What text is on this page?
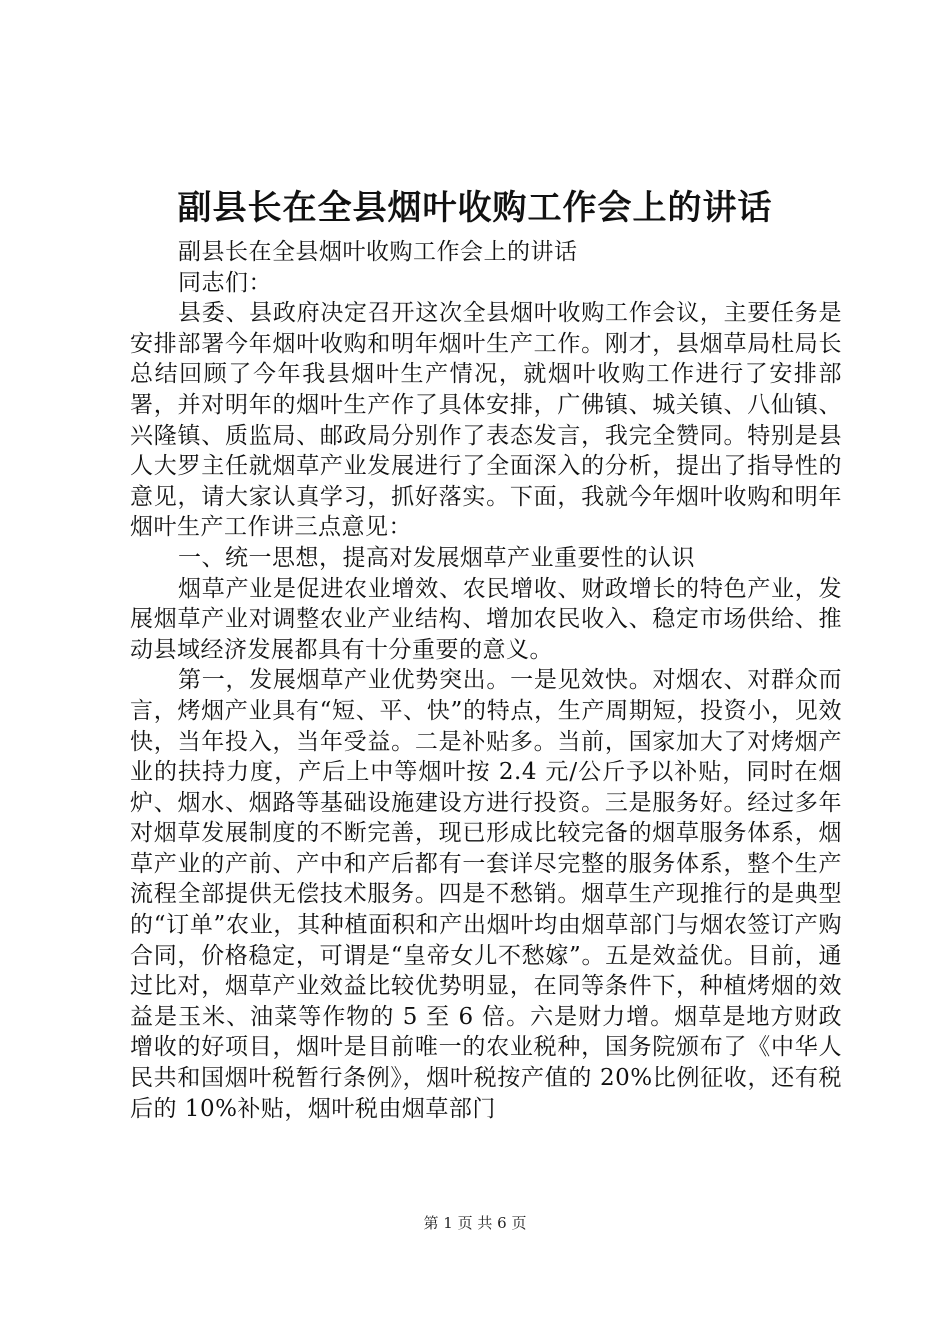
副县长在全县烟叶收购工作会上的讲话

副县长在全县烟叶收购工作会上的讲话

同志们：

县委、县政府决定召开这次全县烟叶收购工作会议，主要任务是安排部署今年烟叶收购和明年烟叶生产工作。刚才，县烟草局杜局长总结回顾了今年我县烟叶生产情况，就烟叶收购工作进行了安排部署，并对明年的烟叶生产作了具体安排，广佛镇、城关镇、八仙镇、兴隆镇、质监局、邮政局分别作了表态发言，我完全赞同。特别是县人大罗主任就烟草产业发展进行了全面深入的分析，提出了指导性的意见，请大家认真学习，抓好落实。下面，我就今年烟叶收购和明年烟叶生产工作讲三点意见：

一、统一思想，提高对发展烟草产业重要性的认识

烟草产业是促进农业增效、农民增收、财政增长的特色产业，发展烟草产业对调整农业产业结构、增加农民收入、稳定市场供给、推动县域经济发展都具有十分重要的意义。

第一，发展烟草产业优势突出。一是见效快。对烟农、对群众而言，烤烟产业具有“短、平、快”的特点，生产周期短，投资小，见效快，当年投入，当年受益。二是补贴多。当前，国家加大了对烤烟产业的扶持力度，产后上中等烟叶按 2.4 元/公斤予以补贴，同时在烟炉、烟水、烟路等基础设施建设方进行投资。三是服务好。经过多年对烟草发展制度的不断完善，现已形成比较完备的烟草服务体系，烟草产业的产前、产中和产后都有一套详尽完整的服务体系，整个生产流程全部提供无偿技术服务。四是不愁销。烟草生产现推行的是典型的“订单”农业，其种植面积和产出烟叶均由烟草部门与烟农签订产购合同，价格稳定，可谓是“皇帝女儿不愁嫁”。五是效益优。目前，通过比对，烟草产业效益比较优势明显，在同等条件下，种植烤烟的效益是玉米、油菜等作物的 5 至 6 倍。六是财力增。烟草是地方财政增收的好项目，烟叶是目前唯一的农业税种，国务院颁布了《中华人民共和国烟叶税暂行条例》，烟叶税按产值的 20%比例征收，还有税后的 10%补贴，烟叶税由烟草部门

第 1 页 共 6 页
